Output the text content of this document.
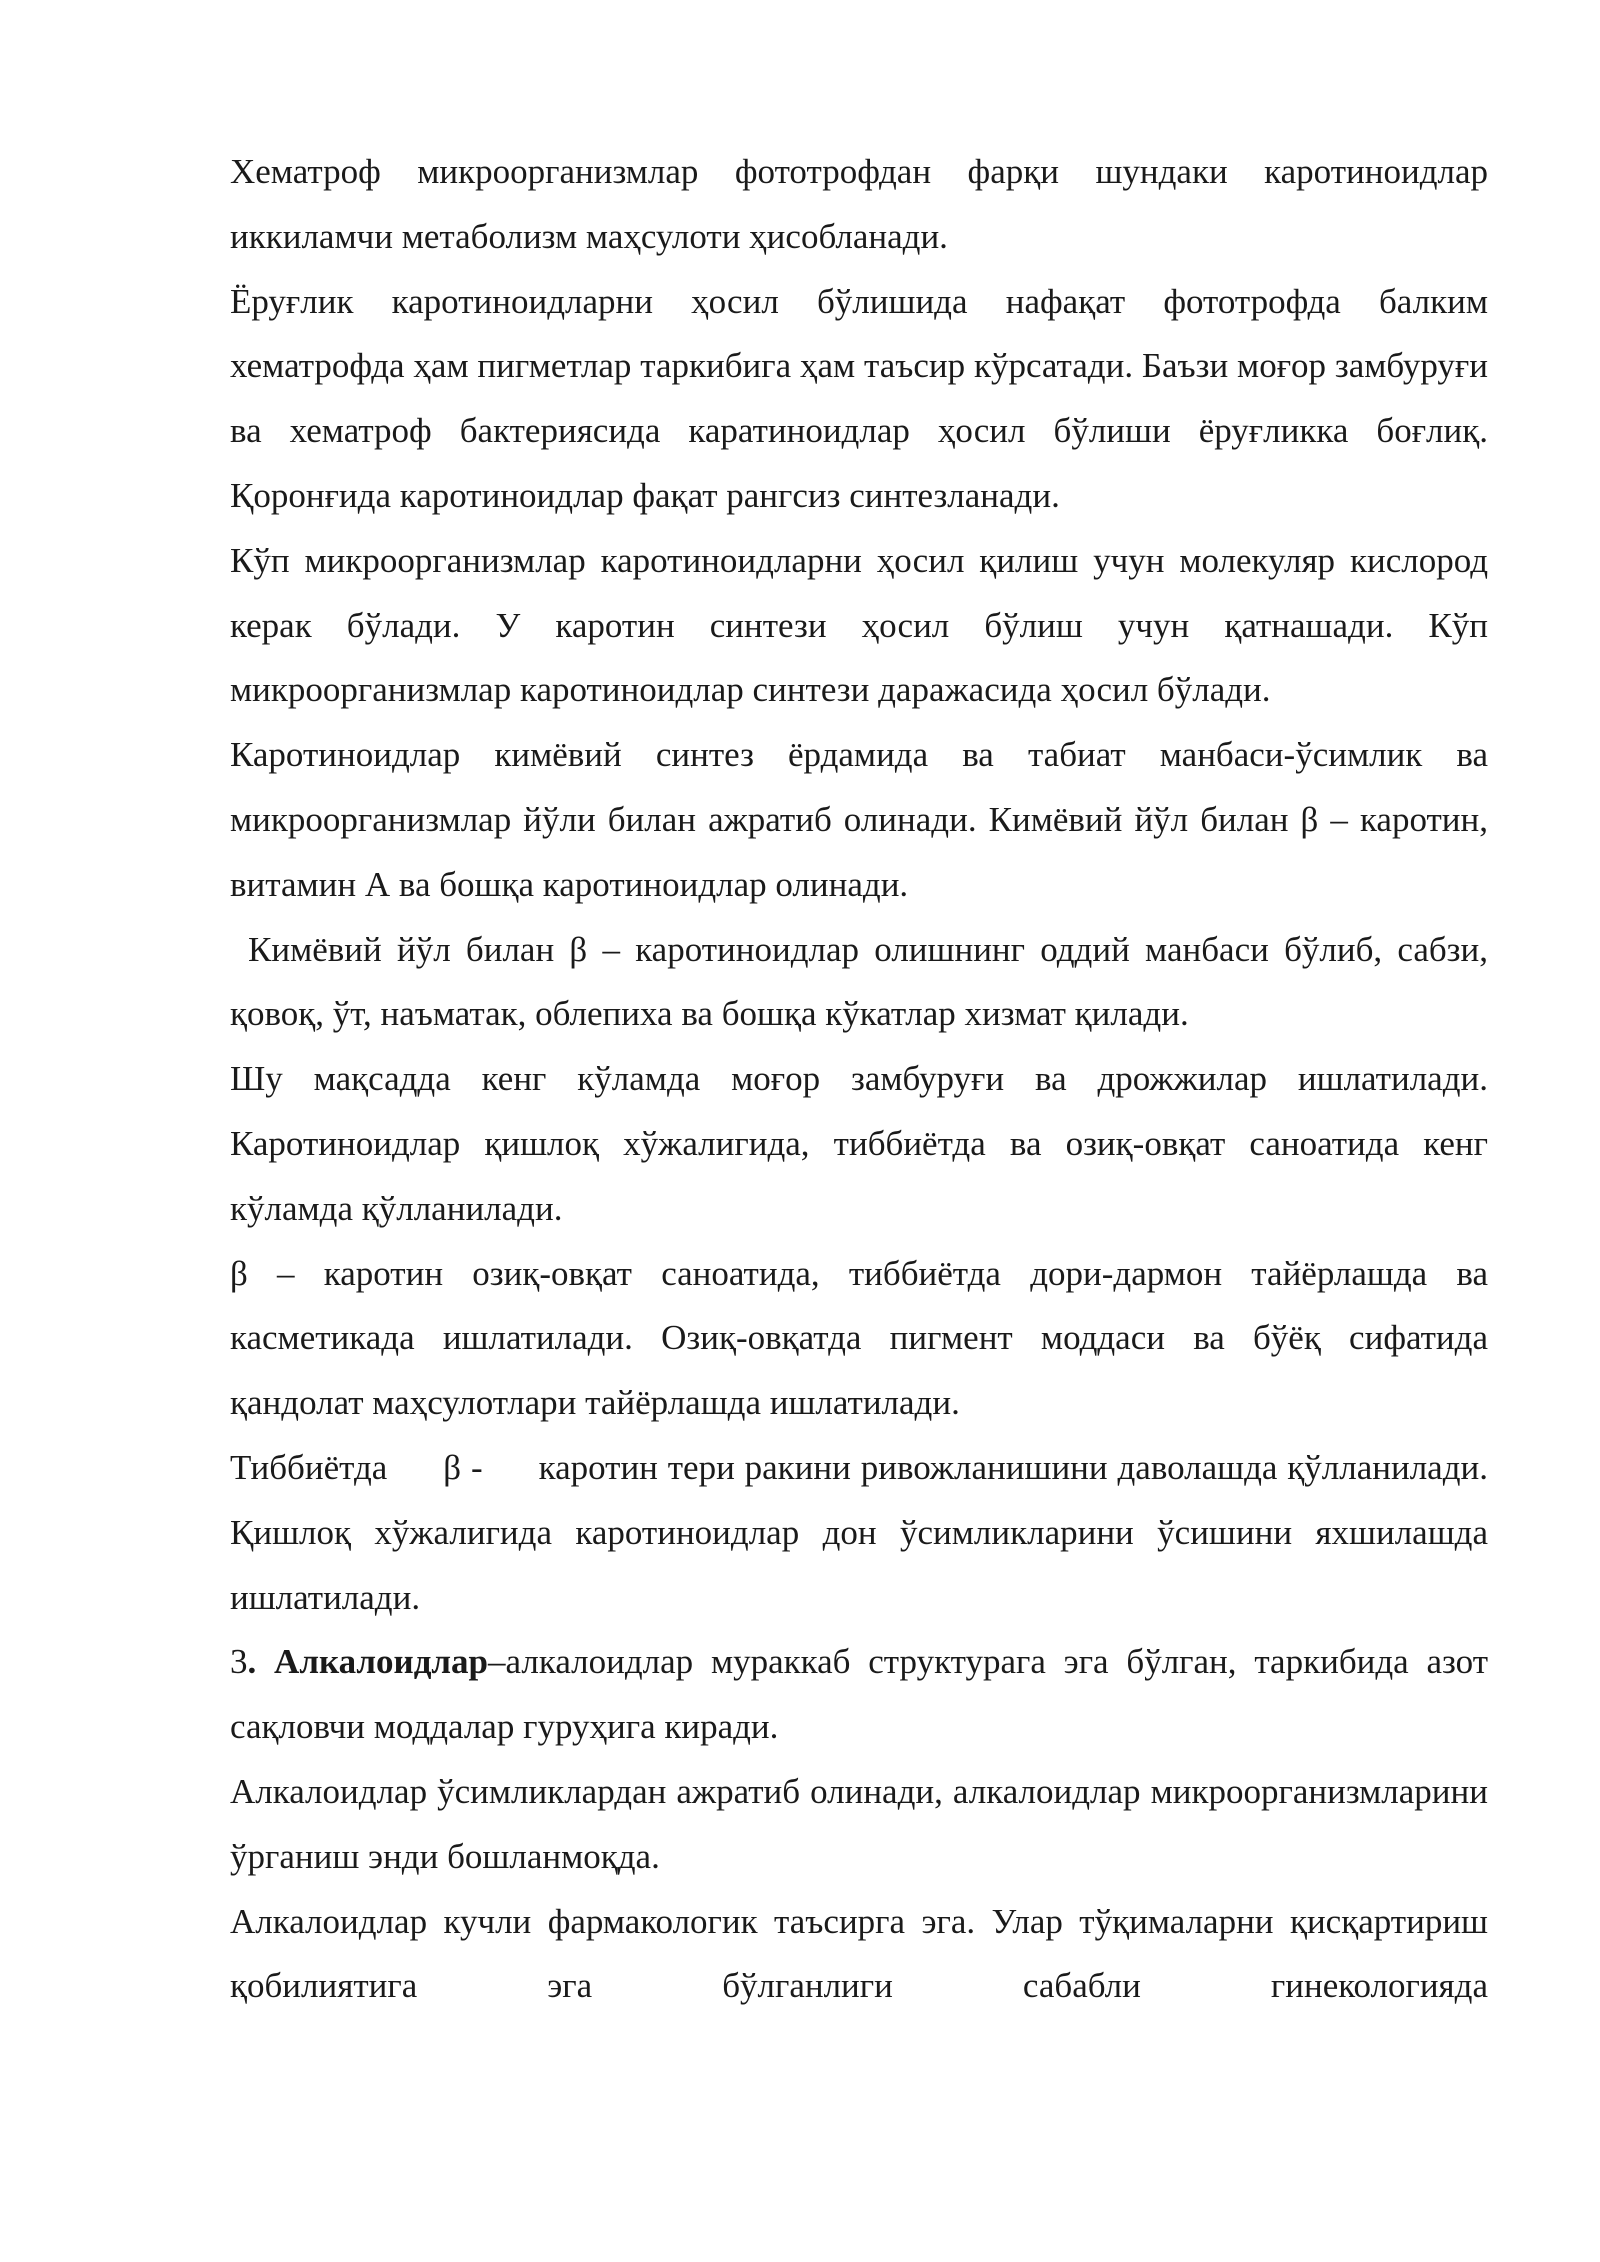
Хематроф микроорганизмлар фототрофдан фарқи шундаки каротиноидлар иккиламчи метаболизм маҳсулоти ҳисобланади.

Ёруғлик каротиноидларни ҳосил бўлишида нафақат фототрофда балким хематрофда ҳам пигметлар таркибига ҳам таъсир кўрсатади. Баъзи моғор замбуруғи ва хематроф бактериясида каратиноидлар ҳосил бўлиши ёруғликка боғлиқ. Қоронғида каротиноидлар фақат рангсиз синтезланади.

Кўп микроорганизмлар каротиноидларни ҳосил қилиш учун молекуляр кислород керак бўлади. У каротин синтези ҳосил бўлиш учун қатнашади. Кўп микроорганизмлар каротиноидлар синтези даражасида ҳосил бўлади.

Каротиноидлар кимёвий синтез ёрдамида ва табиат манбаси-ўсимлик ва микроорганизмлар йўли билан ажратиб олинади. Кимёвий йўл билан β – каротин, витамин А ва бошқа каротиноидлар олинади.

Кимёвий йўл билан β – каротиноидлар олишнинг оддий манбаси бўлиб, сабзи, қовоқ, ўт, наъматак, облепиха ва бошқа кўкатлар хизмат қилади.

Шу мақсадда кенг кўламда моғор замбуруғи ва дрожжилар ишлатилади. Каротиноидлар қишлоқ хўжалигида, тиббиётда ва озиқ-овқат саноатида кенг кўламда қўлланилади.

β – каротин озиқ-овқат саноатида, тиббиётда дори-дармон тайёрлашда ва касметикада ишлатилади. Озиқ-овқатда пигмент моддаси ва бўёқ сифатида қандолат маҳсулотлари тайёрлашда ишлатилади.

Тиббиётда β - каротин тери ракини ривожланишини даволашда қўлланилади. Қишлоқ хўжалигида каротиноидлар дон ўсимликларини ўсишини яхшилашда ишлатилади.

3. Алкалоидлар–алкалоидлар мураккаб структурага эга бўлган, таркибида азот сақловчи моддалар гуруҳига киради.

Алкалоидлар ўсимликлардан ажратиб олинади, алкалоидлар микроорганизмларини ўрганиш энди бошланмоқда.

Алкалоидлар кучли фармакологик таъсирга эга. Улар тўқималарни қисқартириш қобилиятига эга бўлганлиги сабабли гинекологияда
